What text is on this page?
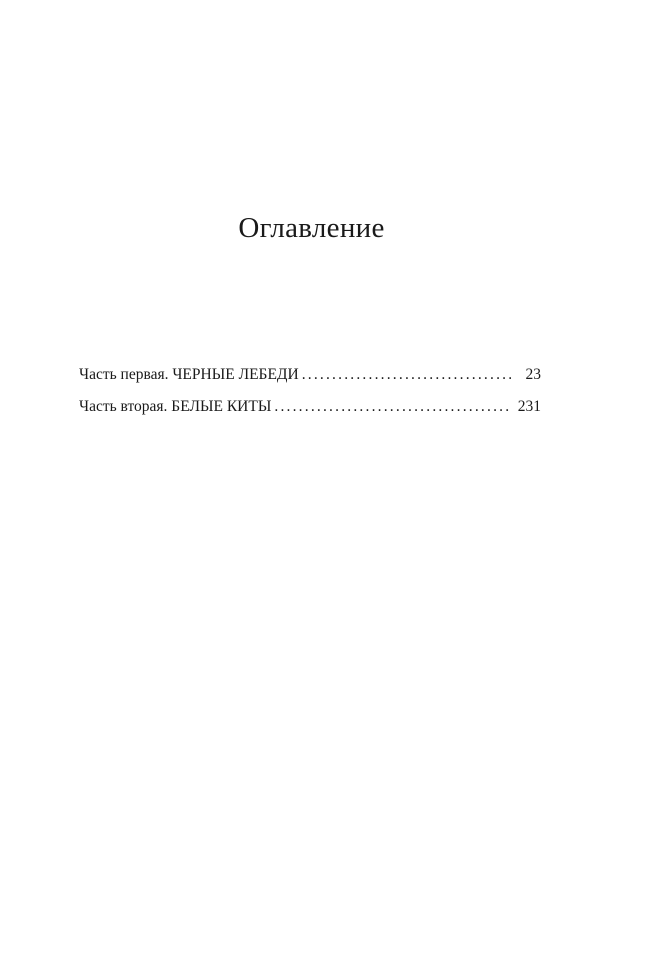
Оглавление
Часть первая. ЧЕРНЫЕ ЛЕБЕДИ .....	23
Часть вторая. БЕЛЫЕ КИТЫ .....	231
